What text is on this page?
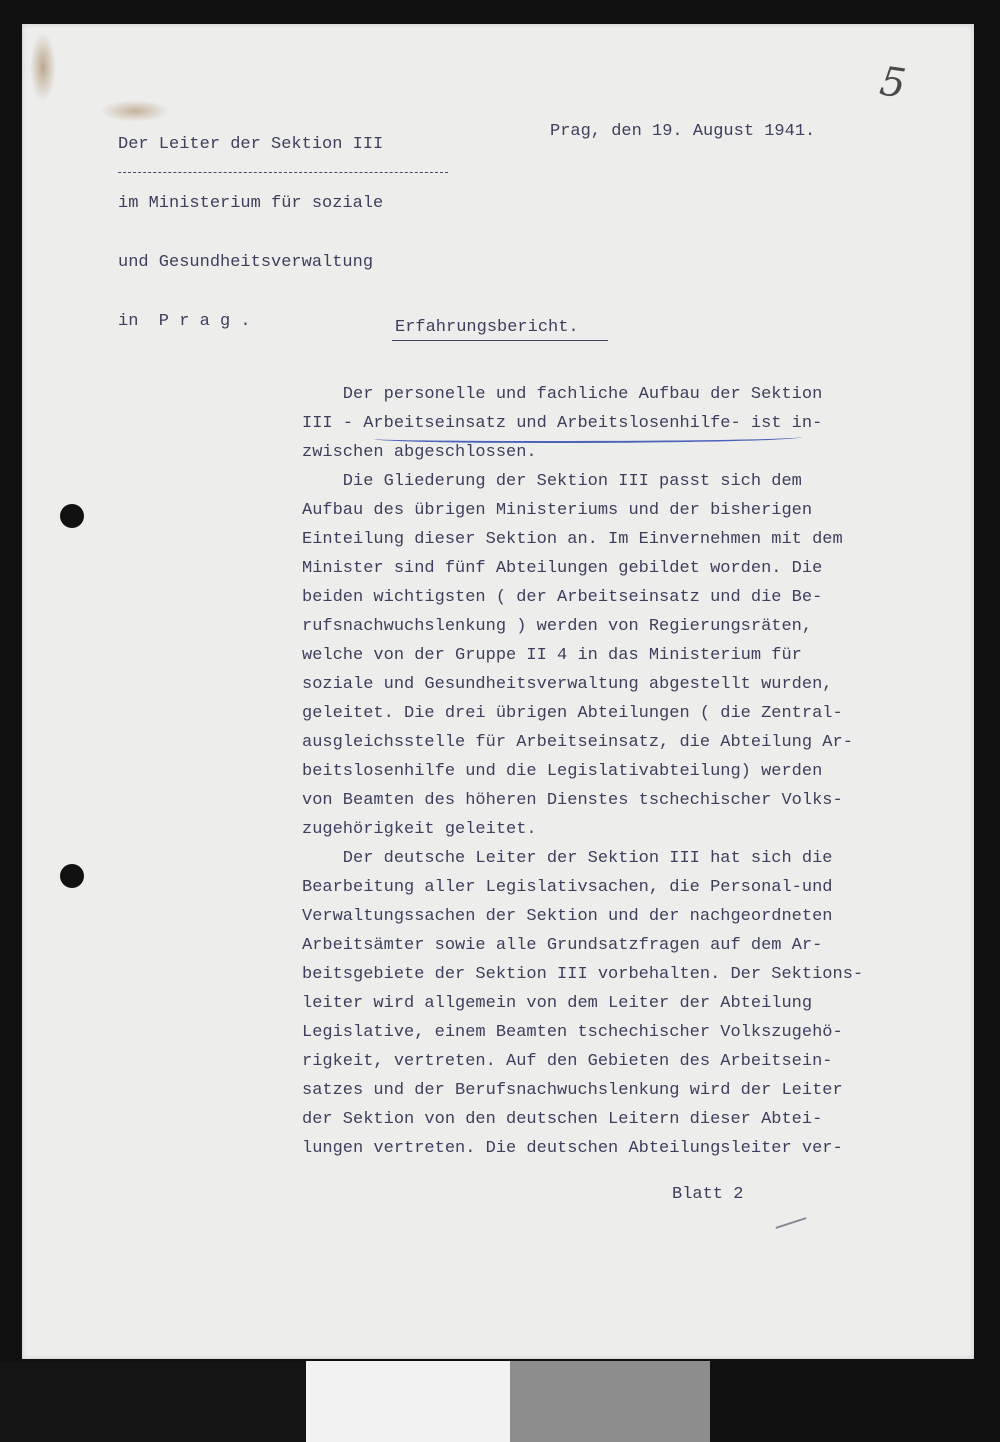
5

Der Leiter der Sektion III

im Ministerium für soziale

und Gesundheitsverwaltung

in  P r a g .

Prag, den 19. August 1941.
Erfahrungsbericht.
Der personelle und fachliche Aufbau der Sektion
III - Arbeitseinsatz und Arbeitslosenhilfe- ist in-
zwischen abgeschlossen.
Die Gliederung der Sektion III passt sich dem
Aufbau des übrigen Ministeriums und der bisherigen
Einteilung dieser Sektion an. Im Einvernehmen mit dem
Minister sind fünf Abteilungen gebildet worden. Die
beiden wichtigsten ( der Arbeitseinsatz und die Be-
rufsnachwuchslenkung ) werden von Regierungsräten,
welche von der Gruppe II 4 in das Ministerium für
soziale und Gesundheitsverwaltung abgestellt wurden,
geleitet. Die drei übrigen Abteilungen ( die Zentral-
ausgleichsstelle für Arbeitseinsatz, die Abteilung Ar-
beitslosenhilfe und die Legislativabteilung) werden
von Beamten des höheren Dienstes tschechischer Volks-
zugehörigkeit geleitet.
Der deutsche Leiter der Sektion III hat sich die
Bearbeitung aller Legislativsachen, die Personal-und
Verwaltungssachen der Sektion und der nachgeordneten
Arbeitsämter sowie alle Grundsatzfragen auf dem Ar-
beitsgebiete der Sektion III vorbehalten. Der Sektions-
leiter wird allgemein von dem Leiter der Abteilung
Legislative, einem Beamten tschechischer Volkszugehö-
rigkeit, vertreten. Auf den Gebieten des Arbeitsein-
satzes und der Berufsnachwuchslenkung wird der Leiter
der Sektion von den deutschen Leitern dieser Abtei-
lungen vertreten. Die deutschen Abteilungsleiter ver-
Blatt 2
